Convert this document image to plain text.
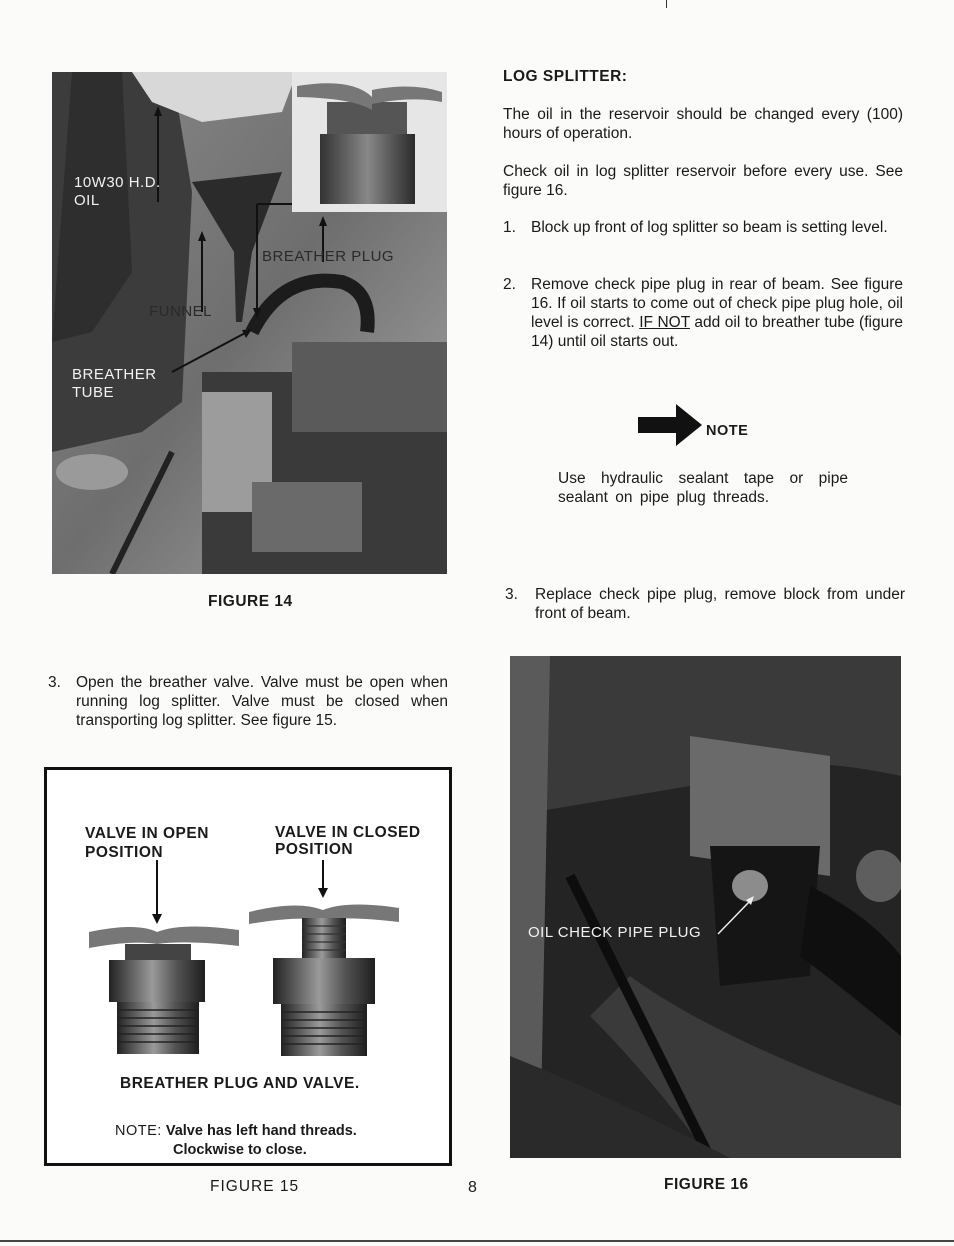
10W30 H.D. OIL
BREATHER PLUG
FUNNEL
BREATHER TUBE
FIGURE 14
LOG SPLITTER:
The oil in the reservoir should be changed every (100) hours of operation.
Check oil in log splitter reservoir before every use. See figure 16.
1. Block up front of log splitter so beam is setting level.
2. Remove check pipe plug in rear of beam. See figure 16. If oil starts to come out of check pipe plug hole, oil level is correct. IF NOT add oil to breather tube (figure 14) until oil starts out.
NOTE
Use hydraulic sealant tape or pipe sealant on pipe plug threads.
3. Replace check pipe plug, remove block from under front of beam.
3. Open the breather valve. Valve must be open when running log splitter. Valve must be closed when transporting log splitter. See figure 15.
VALVE IN OPEN POSITION
VALVE IN CLOSED POSITION
BREATHER PLUG AND VALVE.
NOTE: Valve has left hand threads.
Clockwise to close.
FIGURE 15	8
OIL CHECK PIPE PLUG
FIGURE 16
